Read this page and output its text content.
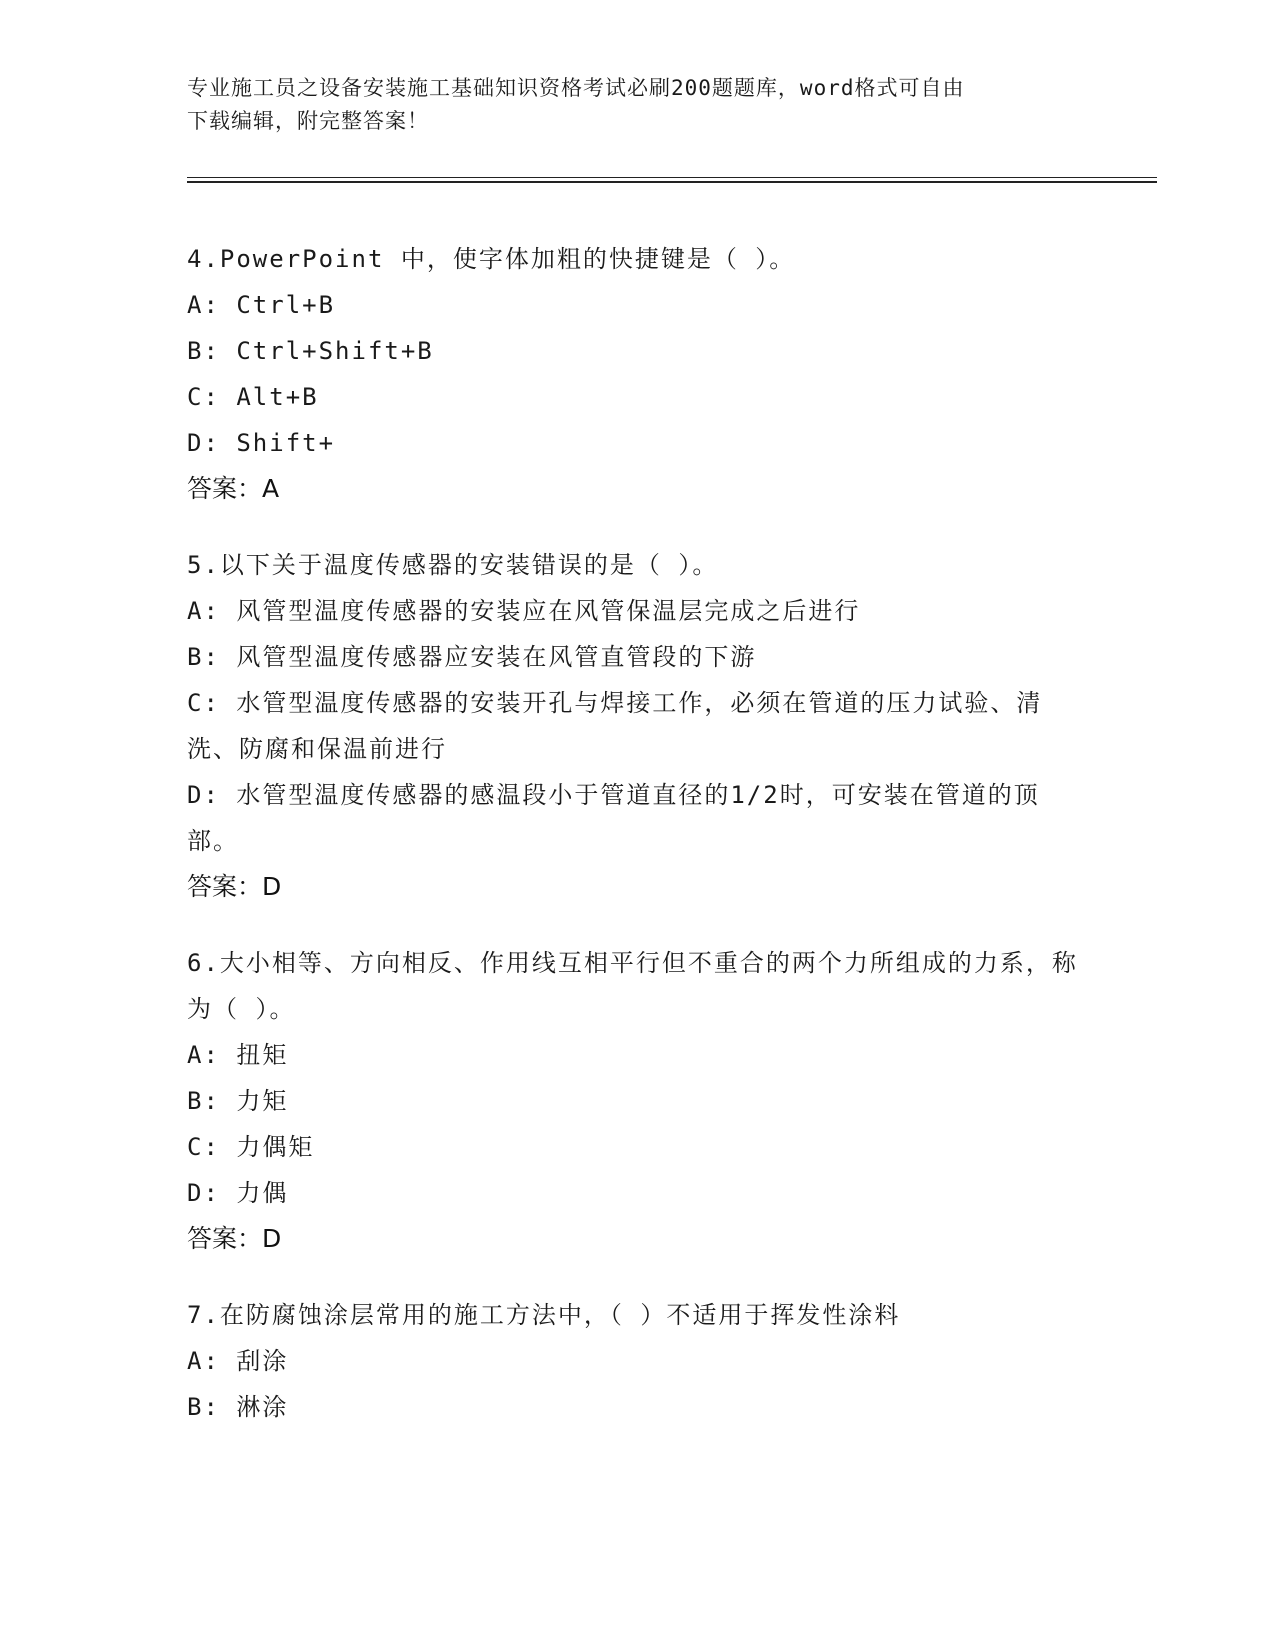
专业施工员之设备安装施工基础知识资格考试必刷200题题库，word格式可自由
下载编辑，附完整答案！
4.PowerPoint 中，使字体加粗的快捷键是（ ）。
A: Ctrl+B
B: Ctrl+Shift+B
C: Alt+B
D: Shift+
答案：A
5.以下关于温度传感器的安装错误的是（ ）。
A: 风管型温度传感器的安装应在风管保温层完成之后进行
B: 风管型温度传感器应安装在风管直管段的下游
C: 水管型温度传感器的安装开孔与焊接工作，必须在管道的压力试验、清洗、防腐和保温前进行
D: 水管型温度传感器的感温段小于管道直径的1/2时，可安装在管道的顶部。
答案：D
6.大小相等、方向相反、作用线互相平行但不重合的两个力所组成的力系，称为（ ）。
A: 扭矩
B: 力矩
C: 力偶矩
D: 力偶
答案：D
7.在防腐蚀涂层常用的施工方法中，（ ）不适用于挥发性涂料
A: 刮涂
B: 淋涂
